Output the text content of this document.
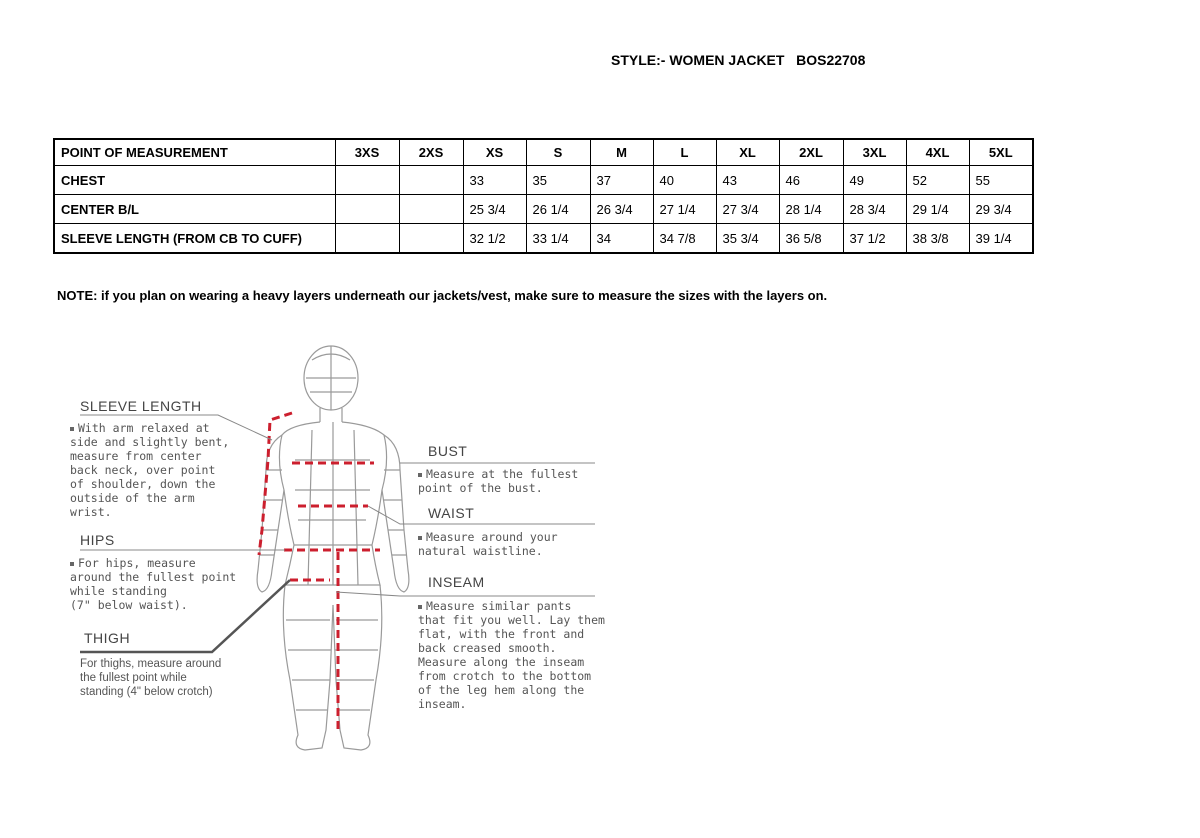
STYLE:- WOMEN JACKET   BOS22708
POINT OF MEASUREMENT	3XS	2XS	XS	S	M	L	XL	2XL	3XL	4XL	5XL
CHEST			33	35	37	40	43	46	49	52	55
CENTER B/L			25 3/4	26 1/4	26 3/4	27 1/4	27 3/4	28 1/4	28 3/4	29 1/4	29 3/4
SLEEVE LENGTH (FROM CB TO CUFF)			32 1/2	33 1/4	34	34 7/8	35 3/4	36 5/8	37 1/2	38 3/8	39 1/4
NOTE: if you plan on wearing a heavy layers underneath our jackets/vest, make sure to measure the sizes with the layers on.
SLEEVE LENGTH
With arm relaxed at
side and slightly bent,
measure from center
back neck, over point
of shoulder, down the
outside of the arm
wrist.
HIPS
For hips, measure
around the fullest point
while standing
(7" below waist).
THIGH
For thighs, measure around
the fullest point while
standing (4" below crotch)
BUST
Measure at the fullest
point of the bust.
WAIST
Measure around your
natural waistline.
INSEAM
Measure similar pants
that fit you well. Lay them
flat, with the front and
back creased smooth.
Measure along the inseam
from crotch to the bottom
of the leg hem along the
inseam.
